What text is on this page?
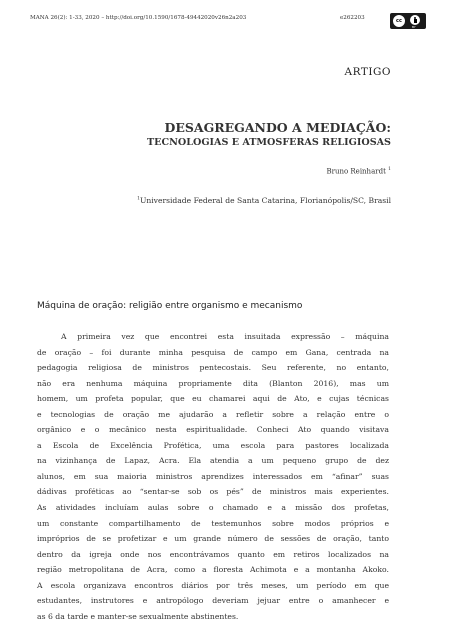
MANA 26(2): 1-33, 2020 – http://doi.org/10.1590/1678-49442020v26n2a203	e262203	cc
BY
ARTIGO
DESAGREGANDO A MEDIAÇÃO:
TECNOLOGIAS E ATMOSFERAS RELIGIOSAS
Bruno Reinhardt $^1$
$^1$Universidade Federal de Santa Catarina, Florianópolis/SC, Brasil
Máquina de oração: religião entre organismo e mecanismo
A primeira vez que encontrei esta insuitada expressão – máquina
de oração – foi durante minha pesquisa de campo em Gana, centrada na
pedagogia religiosa de ministros pentecostais. Seu referente, no entanto,
não era nenhuma máquina propriamente dita (Blanton 2016), mas um
homem, um profeta popular, que eu chamarei aqui de Ato, e cujas técnicas
e tecnologias de oração me ajudarão a refletir sobre a relação entre o
orgânico e o mecânico nesta espiritualidade. Conheci Ato quando visitava
a Escola de Excelência Profética, uma escola para pastores localizada
na vizinhança de Lapaz, Acra. Ela atendia a um pequeno grupo de dez
alunos, em sua maioria ministros aprendizes interessados em “afinar” suas
dádivas proféticas ao “sentar-se sob os pés” de ministros mais experientes.
As atividades incluíam aulas sobre o chamado e a missão dos profetas,
um constante compartilhamento de testemunhos sobre modos próprios e
impróprios de se profetizar e um grande número de sessões de oração, tanto
dentro da igreja onde nos encontrávamos quanto em retiros localizados na
região metropolitana de Acra, como a floresta Achimota e a montanha Akoko.
A escola organizava encontros diários por três meses, um período em que
estudantes, instrutores e antropólogo deveriam jejuar entre o amanhecer e
as 6 da tarde e manter-se sexualmente abstinentes.
